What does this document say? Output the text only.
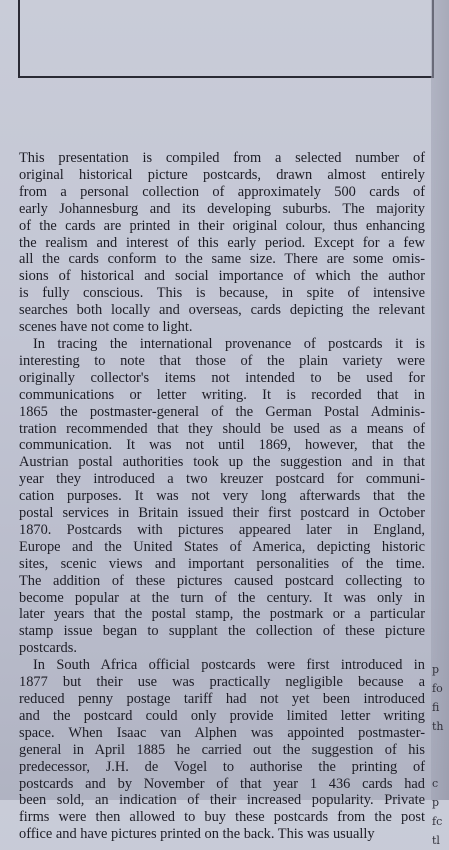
p
fo
fi
th
c
p
fc
tl
This presentation is compiled from a selected number of
original historical picture postcards, drawn almost entirely
from a personal collection of approximately 500 cards of
early Johannesburg and its developing suburbs. The majority
of the cards are printed in their original colour, thus enhancing
the realism and interest of this early period. Except for a few
all the cards conform to the same size. There are some omis-
sions of historical and social importance of which the author
is fully conscious. This is because, in spite of intensive
searches both locally and overseas, cards depicting the relevant
scenes have not come to light.
In tracing the international provenance of postcards it is
interesting to note that those of the plain variety were
originally collector's items not intended to be used for
communications or letter writing. It is recorded that in
1865 the postmaster-general of the German Postal Adminis-
tration recommended that they should be used as a means of
communication. It was not until 1869, however, that the
Austrian postal authorities took up the suggestion and in that
year they introduced a two kreuzer postcard for communi-
cation purposes. It was not very long afterwards that the
postal services in Britain issued their first postcard in October
1870. Postcards with pictures appeared later in England,
Europe and the United States of America, depicting historic
sites, scenic views and important personalities of the time.
The addition of these pictures caused postcard collecting to
become popular at the turn of the century. It was only in
later years that the postal stamp, the postmark or a particular
stamp issue began to supplant the collection of these picture
postcards.
In South Africa official postcards were first introduced in
1877 but their use was practically negligible because a
reduced penny postage tariff had not yet been introduced
and the postcard could only provide limited letter writing
space. When Isaac van Alphen was appointed postmaster-
general in April 1885 he carried out the suggestion of his
predecessor, J.H. de Vogel to authorise the printing of
postcards and by November of that year 1 436 cards had
been sold, an indication of their increased popularity. Private
firms were then allowed to buy these postcards from the post
office and have pictures printed on the back. This was usually
